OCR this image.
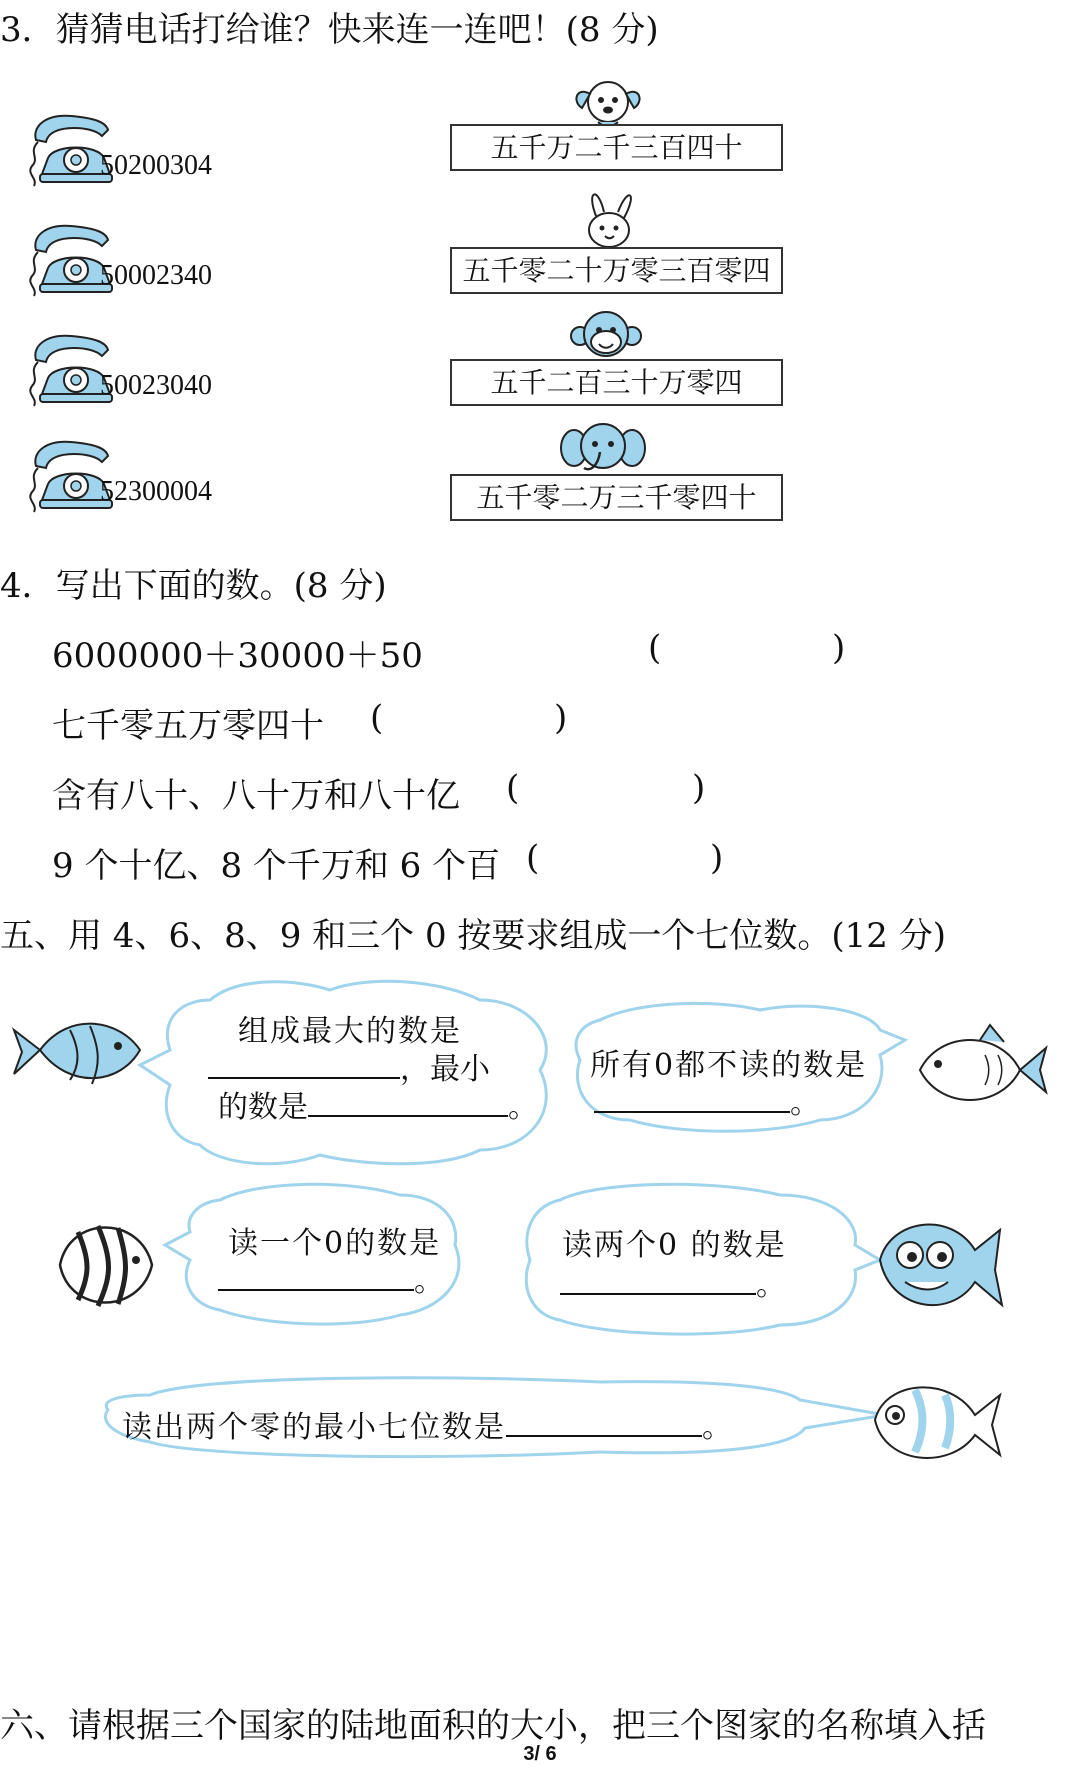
3．猜猜电话打给谁？快来连一连吧！(8 分)
50200304
50002340
50023040
52300004
五千万二千三百四十
五千零二十万零三百零四
五千二百三十万零四
五千零二万三千零四十
4．写出下面的数。(8 分)
6000000＋30000＋50	(	)
七千零五万零四十 (	)
含有八十、八十万和八十亿 (	)
9 个十亿、8 个千万和 6 个百 (	)
五、用 4、6、8、9 和三个 0 按要求组成一个七位数。(12 分)
组成最大的数是
，最小
的数是	。
所有0都不读的数是
。
读一个0的数是
。
读两个0 的数是
。
读出两个零的最小七位数是	。
六、请根据三个国家的陆地面积的大小，把三个图家的名称填入括
3/ 6
